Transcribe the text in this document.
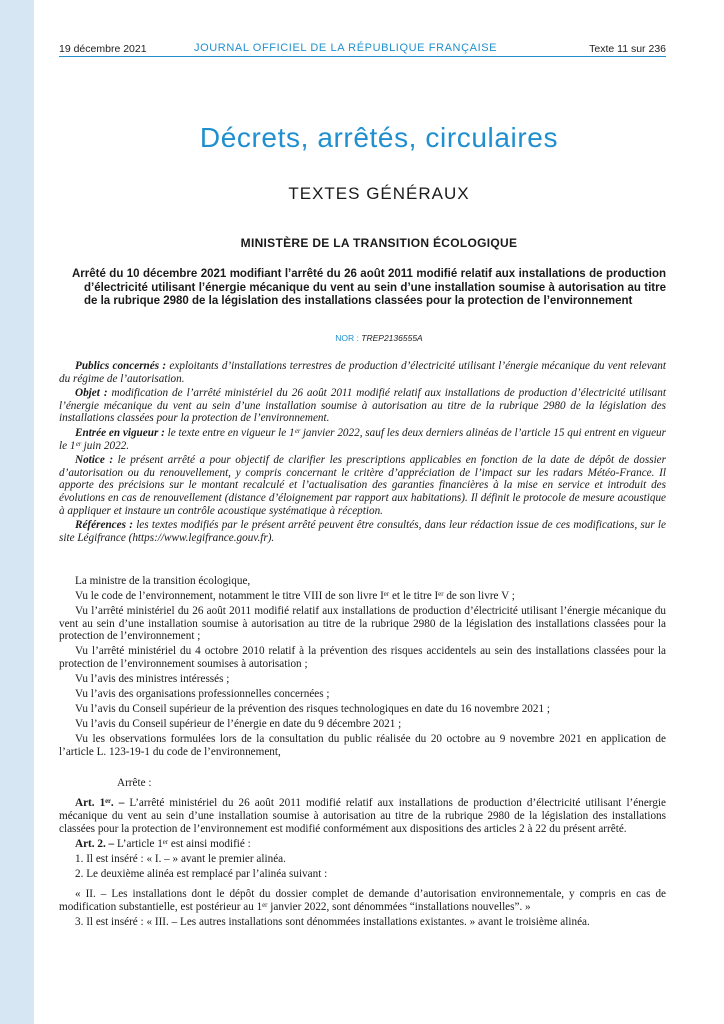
19 décembre 2021	JOURNAL OFFICIEL DE LA RÉPUBLIQUE FRANÇAISE	Texte 11 sur 236
Décrets, arrêtés, circulaires
TEXTES GÉNÉRAUX
MINISTÈRE DE LA TRANSITION ÉCOLOGIQUE
Arrêté du 10 décembre 2021 modifiant l’arrêté du 26 août 2011 modifié relatif aux installations de production d’électricité utilisant l’énergie mécanique du vent au sein d’une installation soumise à autorisation au titre de la rubrique 2980 de la législation des installations classées pour la protection de l’environnement
NOR : TREP2136555A

Publics concernés : exploitants d’installations terrestres de production d’électricité utilisant l’énergie mécanique du vent relevant du régime de l’autorisation.

Objet : modification de l’arrêté ministériel du 26 août 2011 modifié relatif aux installations de production d’électricité utilisant l’énergie mécanique du vent au sein d’une installation soumise à autorisation au titre de la rubrique 2980 de la législation des installations classées pour la protection de l’environnement.

Entrée en vigueur : le texte entre en vigueur le 1ᵉʳ janvier 2022, sauf les deux derniers alinéas de l’article 15 qui entrent en vigueur le 1ᵉʳ juin 2022.

Notice : le présent arrêté a pour objectif de clarifier les prescriptions applicables en fonction de la date de dépôt de dossier d’autorisation ou du renouvellement, y compris concernant le critère d’appréciation de l’impact sur les radars Météo-France. Il apporte des précisions sur le montant recalculé et l’actualisation des garanties financières à la mise en service et introduit des évolutions en cas de renouvellement (distance d’éloignement par rapport aux habitations). Il définit le protocole de mesure acoustique à appliquer et instaure un contrôle acoustique systématique à réception.

Références : les textes modifiés par le présent arrêté peuvent être consultés, dans leur rédaction issue de ces modifications, sur le site Légifrance (https://www.legifrance.gouv.fr).

La ministre de la transition écologique,

Vu le code de l’environnement, notamment le titre VIII de son livre Iᵉʳ et le titre Iᵉʳ de son livre V ;

Vu l’arrêté ministériel du 26 août 2011 modifié relatif aux installations de production d’électricité utilisant l’énergie mécanique du vent au sein d’une installation soumise à autorisation au titre de la rubrique 2980 de la législation des installations classées pour la protection de l’environnement ;

Vu l’arrêté ministériel du 4 octobre 2010 relatif à la prévention des risques accidentels au sein des installations classées pour la protection de l’environnement soumises à autorisation ;

Vu l’avis des ministres intéressés ;

Vu l’avis des organisations professionnelles concernées ;

Vu l’avis du Conseil supérieur de la prévention des risques technologiques en date du 16 novembre 2021 ;

Vu l’avis du Conseil supérieur de l’énergie en date du 9 décembre 2021 ;

Vu les observations formulées lors de la consultation du public réalisée du 20 octobre au 9 novembre 2021 en application de l’article L. 123-19-1 du code de l’environnement,

Arrête :

Art. 1ᵉʳ. – L’arrêté ministériel du 26 août 2011 modifié relatif aux installations de production d’électricité utilisant l’énergie mécanique du vent au sein d’une installation soumise à autorisation au titre de la rubrique 2980 de la législation des installations classées pour la protection de l’environnement est modifié conformément aux dispositions des articles 2 à 22 du présent arrêté.

Art. 2. – L’article 1ᵉʳ est ainsi modifié :

1. Il est inséré : « I. – » avant le premier alinéa.

2. Le deuxième alinéa est remplacé par l’alinéa suivant :

« II. – Les installations dont le dépôt du dossier complet de demande d’autorisation environnementale, y compris en cas de modification substantielle, est postérieur au 1ᵉʳ janvier 2022, sont dénommées “installations nouvelles”. »

3. Il est inséré : « III. – Les autres installations sont dénommées installations existantes. » avant le troisième alinéa.
